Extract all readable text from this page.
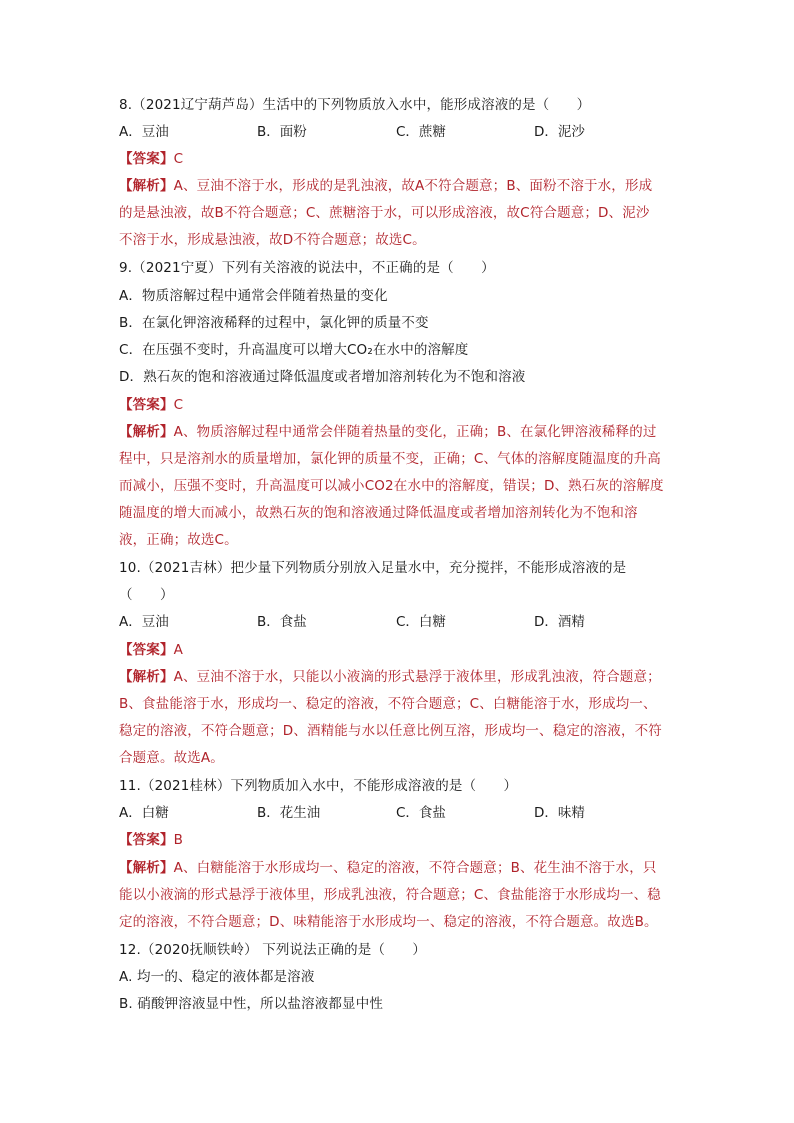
8.（2021辽宁葫芦岛）生活中的下列物质放入水中，能形成溶液的是（　　）
A．豆油	B．面粉	C．蔗糖	D．泥沙
【答案】C
【解析】A、豆油不溶于水，形成的是乳浊液，故A不符合题意；B、面粉不溶于水，形成
的是悬浊液，故B不符合题意；C、蔗糖溶于水，可以形成溶液，故C符合题意；D、泥沙
不溶于水，形成悬浊液，故D不符合题意；故选C。
9.（2021宁夏）下列有关溶液的说法中，不正确的是（　　）
A．物质溶解过程中通常会伴随着热量的变化
B．在氯化钾溶液稀释的过程中，氯化钾的质量不变
C．在压强不变时，升高温度可以增大CO₂在水中的溶解度
D．熟石灰的饱和溶液通过降低温度或者增加溶剂转化为不饱和溶液
【答案】C
【解析】A、物质溶解过程中通常会伴随着热量的变化，正确；B、在氯化钾溶液稀释的过
程中，只是溶剂水的质量增加，氯化钾的质量不变，正确；C、气体的溶解度随温度的升高
而减小，压强不变时，升高温度可以减小CO2在水中的溶解度，错误；D、熟石灰的溶解度
随温度的增大而减小，故熟石灰的饱和溶液通过降低温度或者增加溶剂转化为不饱和溶
液，正确；故选C。
10.（2021吉林）把少量下列物质分别放入足量水中，充分搅拌，不能形成溶液的是
（　　）
A．豆油	B．食盐	C．白糖	D．酒精
【答案】A
【解析】A、豆油不溶于水，只能以小液滴的形式悬浮于液体里，形成乳浊液，符合题意；
B、食盐能溶于水，形成均一、稳定的溶液，不符合题意；C、白糖能溶于水，形成均一、
稳定的溶液，不符合题意；D、酒精能与水以任意比例互溶，形成均一、稳定的溶液，不符
合题意。故选A。
11.（2021桂林）下列物质加入水中，不能形成溶液的是（　　）
A．白糖	B．花生油	C．食盐	D．味精
【答案】B
【解析】A、白糖能溶于水形成均一、稳定的溶液，不符合题意；B、花生油不溶于水，只
能以小液滴的形式悬浮于液体里，形成乳浊液，符合题意；C、食盐能溶于水形成均一、稳
定的溶液，不符合题意；D、味精能溶于水形成均一、稳定的溶液，不符合题意。故选B。
12.（2020抚顺铁岭） 下列说法正确的是（　　）
A. 均一的、稳定的液体都是溶液
B. 硝酸钾溶液显中性，所以盐溶液都显中性
